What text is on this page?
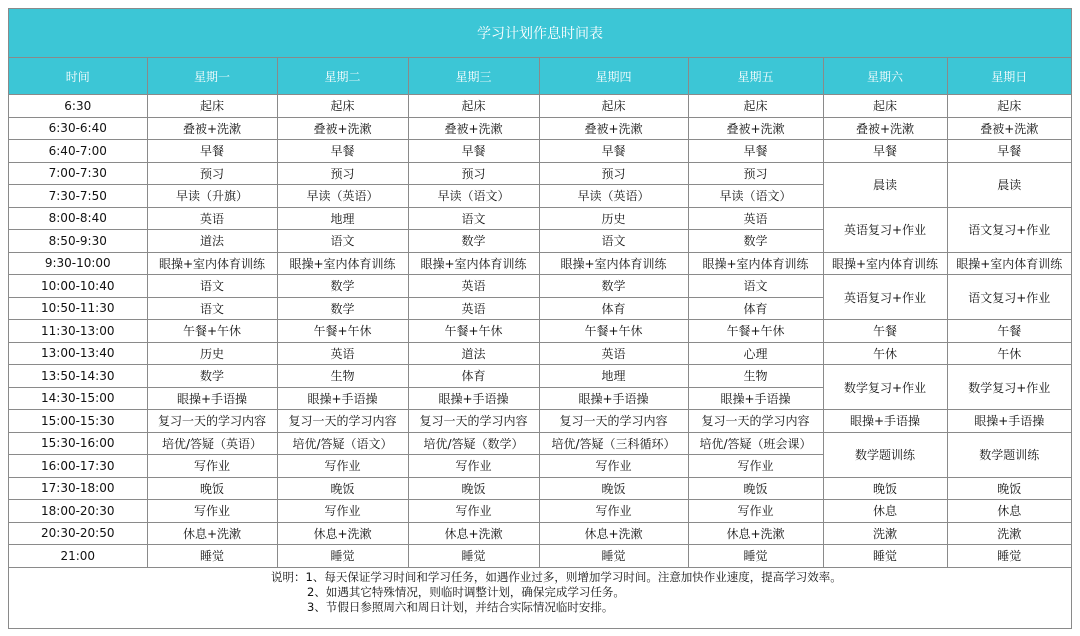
学习计划作息时间表
时间	星期一	星期二	星期三	星期四	星期五	星期六	星期日
6:30	起床	起床	起床	起床	起床	起床	起床
6:30-6:40	叠被+洗漱	叠被+洗漱	叠被+洗漱	叠被+洗漱	叠被+洗漱	叠被+洗漱	叠被+洗漱
6:40-7:00	早餐	早餐	早餐	早餐	早餐	早餐	早餐
7:00-7:30	预习	预习	预习	预习	预习	晨读	晨读
7:30-7:50	早读（升旗）	早读（英语）	早读（语文）	早读（英语）	早读（语文）		
8:00-8:40	英语	地理	语文	历史	英语	英语复习+作业	语文复习+作业
8:50-9:30	道法	语文	数学	语文	数学		
9:30-10:00	眼操+室内体育训练	眼操+室内体育训练	眼操+室内体育训练	眼操+室内体育训练	眼操+室内体育训练	眼操+室内体育训练	眼操+室内体育训练
10:00-10:40	语文	数学	英语	数学	语文	英语复习+作业	语文复习+作业
10:50-11:30	语文	数学	英语	体育	体育		
11:30-13:00	午餐+午休	午餐+午休	午餐+午休	午餐+午休	午餐+午休	午餐	午餐
13:00-13:40	历史	英语	道法	英语	心理	午休	午休
13:50-14:30	数学	生物	体育	地理	生物	数学复习+作业	数学复习+作业
14:30-15:00	眼操+手语操	眼操+手语操	眼操+手语操	眼操+手语操	眼操+手语操		
15:00-15:30	复习一天的学习内容	复习一天的学习内容	复习一天的学习内容	复习一天的学习内容	复习一天的学习内容	眼操+手语操	眼操+手语操
15:30-16:00	培优/答疑（英语）	培优/答疑（语文）	培优/答疑（数学）	培优/答疑（三科循环）	培优/答疑（班会课）	数学题训练	数学题训练
16:00-17:30	写作业	写作业	写作业	写作业	写作业		
17:30-18:00	晚饭	晚饭	晚饭	晚饭	晚饭	晚饭	晚饭
18:00-20:30	写作业	写作业	写作业	写作业	写作业	休息	休息
20:30-20:50	休息+洗漱	休息+洗漱	休息+洗漱	休息+洗漱	休息+洗漱	洗漱	洗漱
21:00	睡觉	睡觉	睡觉	睡觉	睡觉	睡觉	睡觉
说明：1、每天保证学习时间和学习任务，如遇作业过多，则增加学习时间。注意加快作业速度，提高学习效率。
2、如遇其它特殊情况，则临时调整计划，确保完成学习任务。
3、节假日参照周六和周日计划，并结合实际情况临时安排。
